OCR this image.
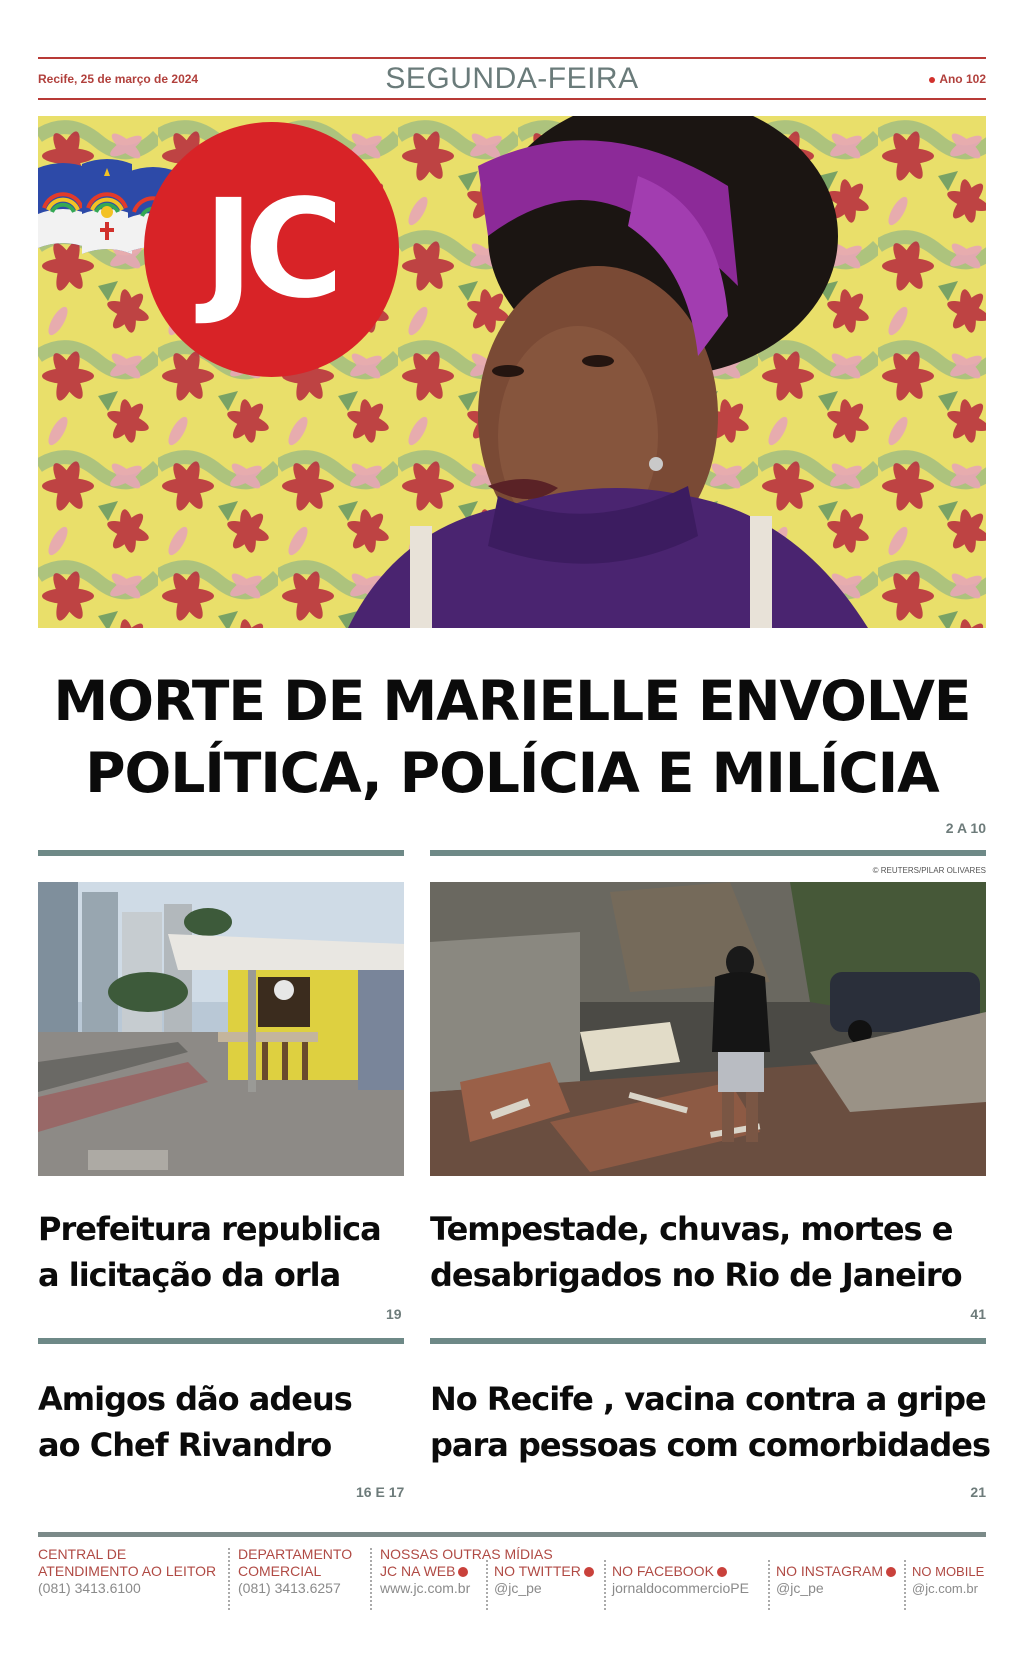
Recife, 25 de março de 2024	SEGUNDA-FEIRA	Ano 102
JC
MORTE DE MARIELLE ENVOLVE
POLÍTICA, POLÍCIA E MILÍCIA
2 A 10
© REUTERS/PILAR OLIVARES
Prefeitura republica
a licitação da orla
19
Tempestade, chuvas, mortes e
desabrigados no Rio de Janeiro
41
Amigos dão adeus
ao Chef Rivandro
16 E 17
No Recife , vacina contra a gripe
para pessoas com comorbidades
21
CENTRAL DE
ATENDIMENTO AO LEITOR
(081) 3413.6100
DEPARTAMENTO
COMERCIAL
(081) 3413.6257
NOSSAS OUTRAS MÍDIAS
JC NA WEB
www.jc.com.br
NO TWITTER
@jc_pe
NO FACEBOOK
jornaldocommercioPE
NO INSTAGRAM
@jc_pe
NO MOBILE
@jc.com.br
